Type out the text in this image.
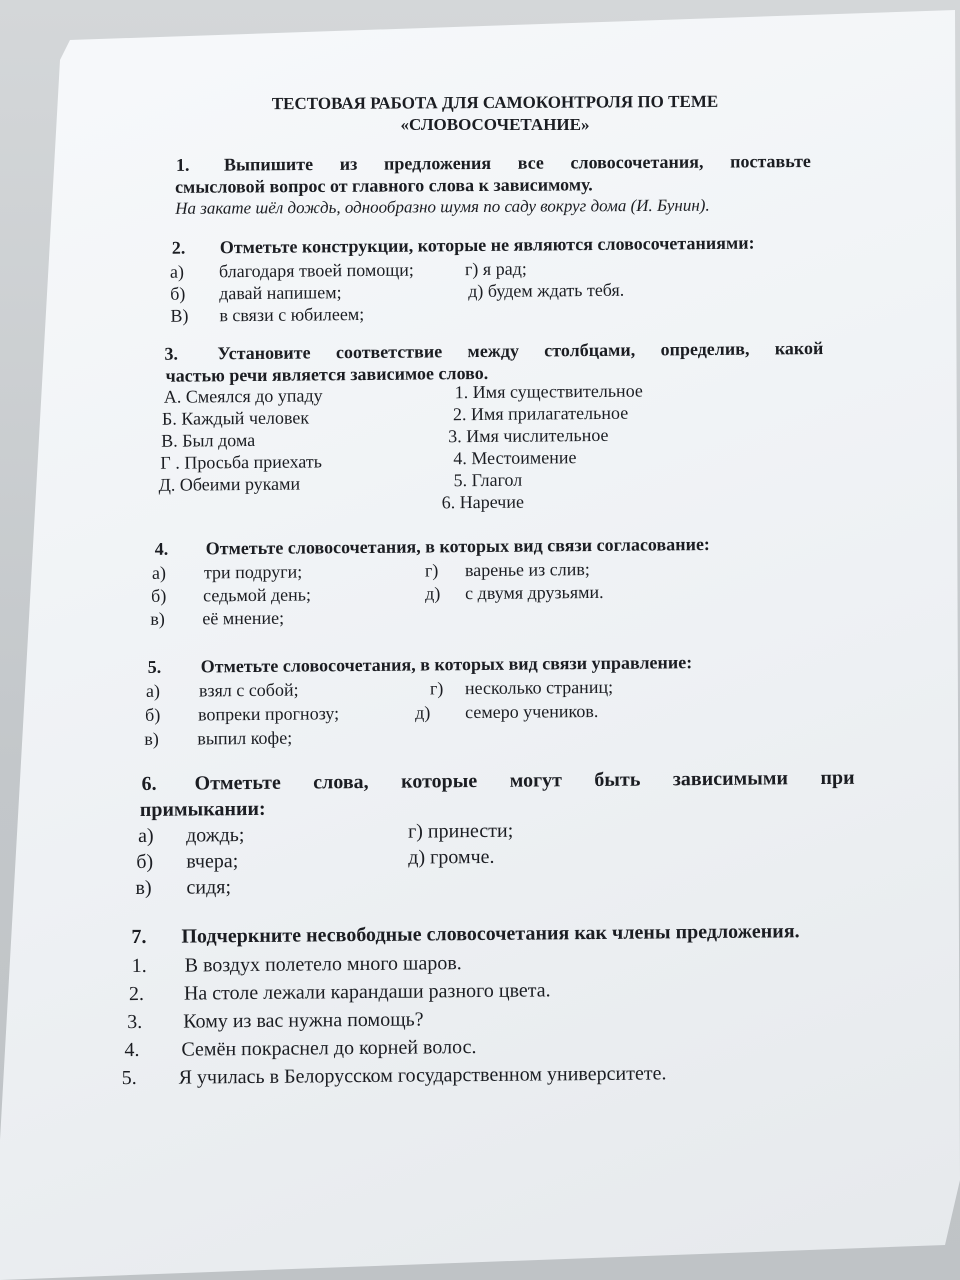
ТЕСТОВАЯ РАБОТА ДЛЯ САМОКОНТРОЛЯ ПО ТЕМЕ
«СЛОВОСОЧЕТАНИЕ»
1. Выпишите из предложения все словосочетания, поставьте
смысловой вопрос от главного слова к зависимому.
На закате шёл дождь, однообразно шумя по саду вокруг дома (И. Бунин).
2. Отметьте конструкции, которые не являются словосочетаниями:
а) благодаря твоей помощи;
б) давай напишем;
В) в связи с юбилеем;
г) я рад;
д) будем ждать тебя.
3. Установите соответствие между столбцами, определив, какой
частью речи является зависимое слово.
А. Смеялся до упаду
Б. Каждый человек
В. Был дома
Г . Просьба приехать
Д. Обеими руками
1. Имя существительное
2. Имя прилагательное
3. Имя числительное
4. Местоимение
5. Глагол
6. Наречие
4. Отметьте словосочетания, в которых вид связи согласование:
а) три подруги;
б) седьмой день;
в) её мнение;
г) варенье из слив;
д) с двумя друзьями.
5. Отметьте словосочетания, в которых вид связи управление:
а) взял с собой;
б) вопреки прогнозу;
в) выпил кофе;
г) несколько страниц;
д) семеро учеников.
6. Отметьте слова, которые могут быть зависимыми при
примыкании:
а) дождь;
б) вчера;
в) сидя;
г) принести;
д) громче.
7. Подчеркните несвободные словосочетания как члены предложения.
1. В воздух полетело много шаров.
2. На столе лежали карандаши разного цвета.
3. Кому из вас нужна помощь?
4. Семён покраснел до корней волос.
5. Я училась в Белорусском государственном университете.
